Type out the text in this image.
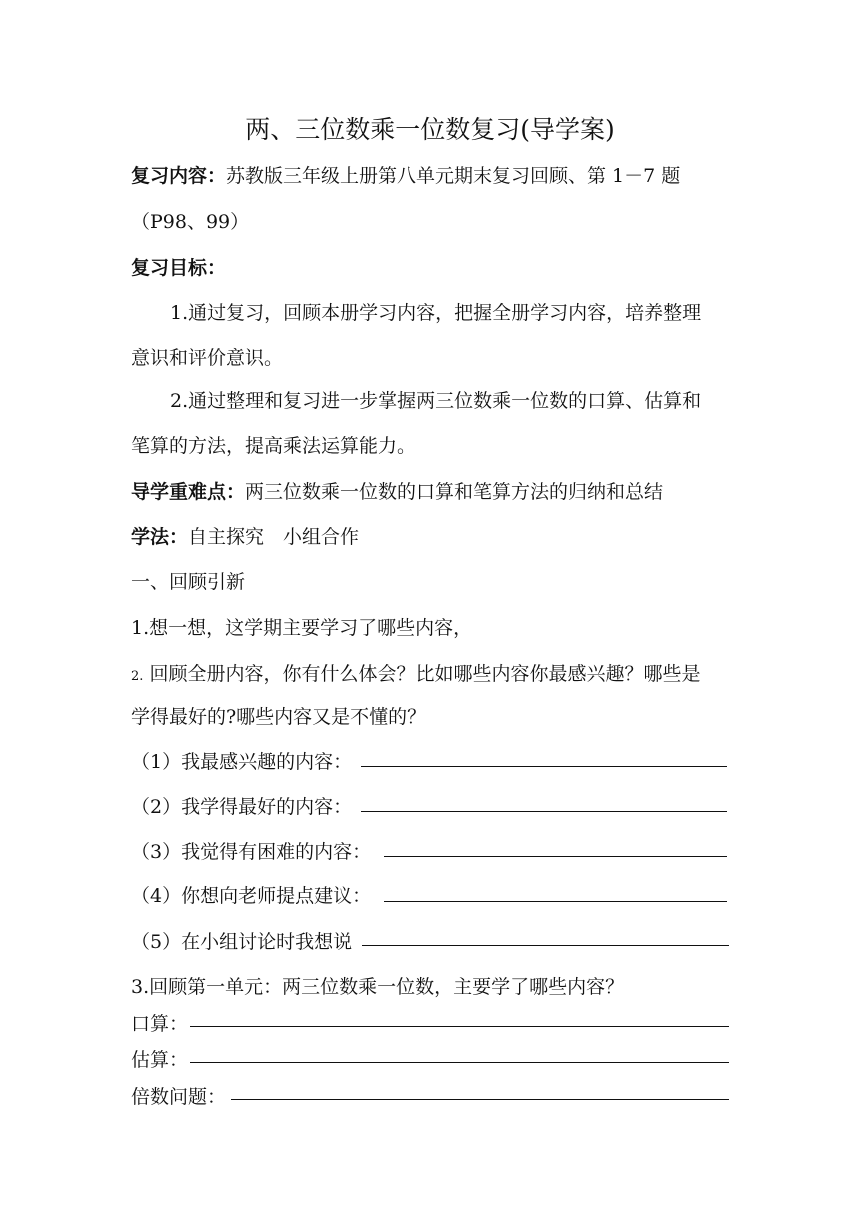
两、三位数乘一位数复习(导学案)
复习内容：苏教版三年级上册第八单元期末复习回顾、第 1－7 题
（P98、99）
复习目标：
1.通过复习，回顾本册学习内容，把握全册学习内容，培养整理
意识和评价意识。
2.通过整理和复习进一步掌握两三位数乘一位数的口算、估算和
笔算的方法，提高乘法运算能力。
导学重难点：两三位数乘一位数的口算和笔算方法的归纳和总结
学法：自主探究　小组合作
一、回顾引新
1.想一想，这学期主要学习了哪些内容，
2. 回顾全册内容，你有什么体会？比如哪些内容你最感兴趣？哪些是
学得最好的?哪些内容又是不懂的？
（1）我最感兴趣的内容：
（2）我学得最好的内容：
（3）我觉得有困难的内容：
（4）你想向老师提点建议：
（5）在小组讨论时我想说
3.回顾第一单元：两三位数乘一位数，主要学了哪些内容？
口算：
估算：
倍数问题：
